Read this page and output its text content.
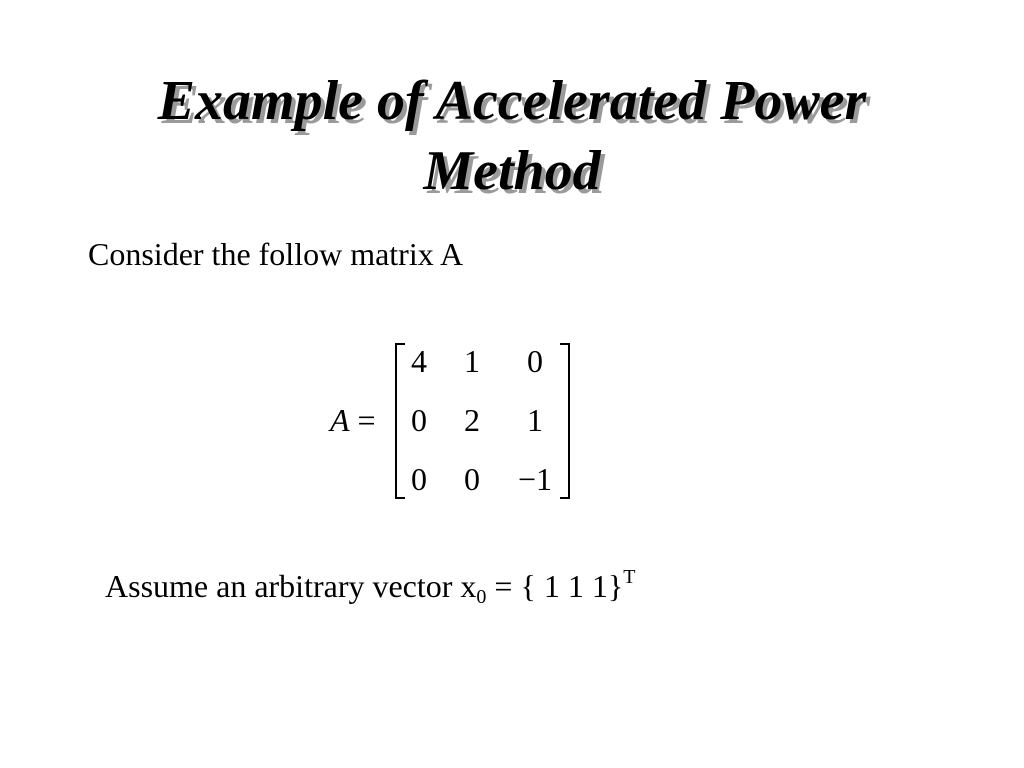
Example of Accelerated Power
Method
Consider the follow matrix A
A =
4	1	0
0	2	1
0	0	−1
Assume an arbitrary vector $x_0$ = { 1 1 1}$^T$
